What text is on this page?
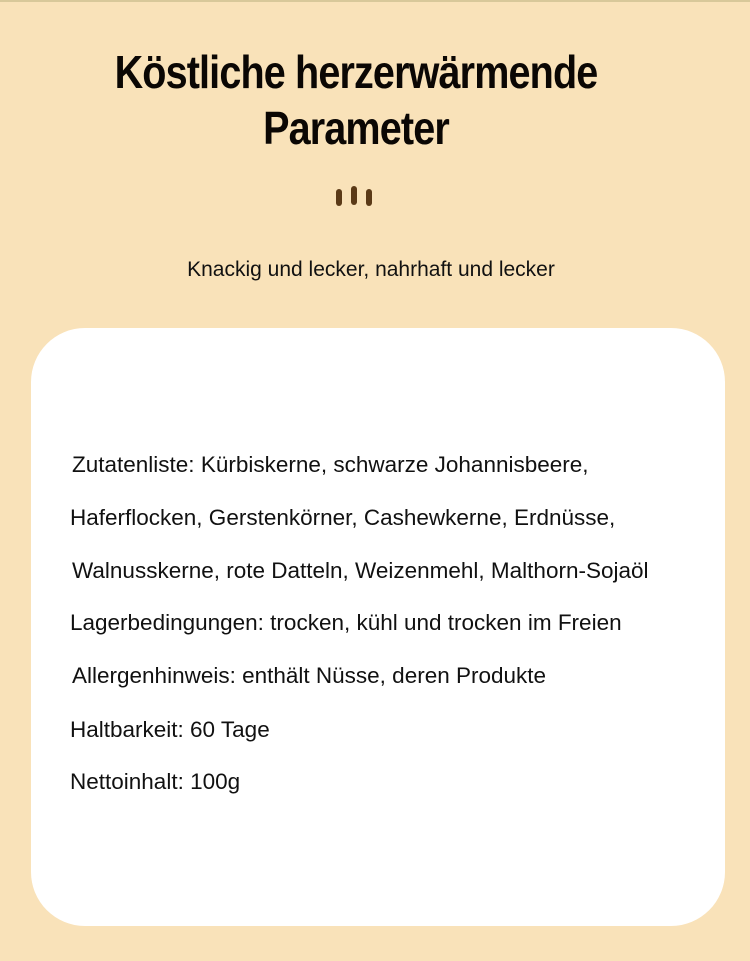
Köstliche herzerwärmende
Parameter
Knackig und lecker, nahrhaft und lecker
Zutatenliste: Kürbiskerne, schwarze Johannisbeere,
Haferflocken, Gerstenkörner, Cashewkerne, Erdnüsse,
Walnusskerne, rote Datteln, Weizenmehl, Malthorn-Sojaöl
Lagerbedingungen: trocken, kühl und trocken im Freien
Allergenhinweis: enthält Nüsse, deren Produkte
Haltbarkeit: 60 Tage
Nettoinhalt: 100g
